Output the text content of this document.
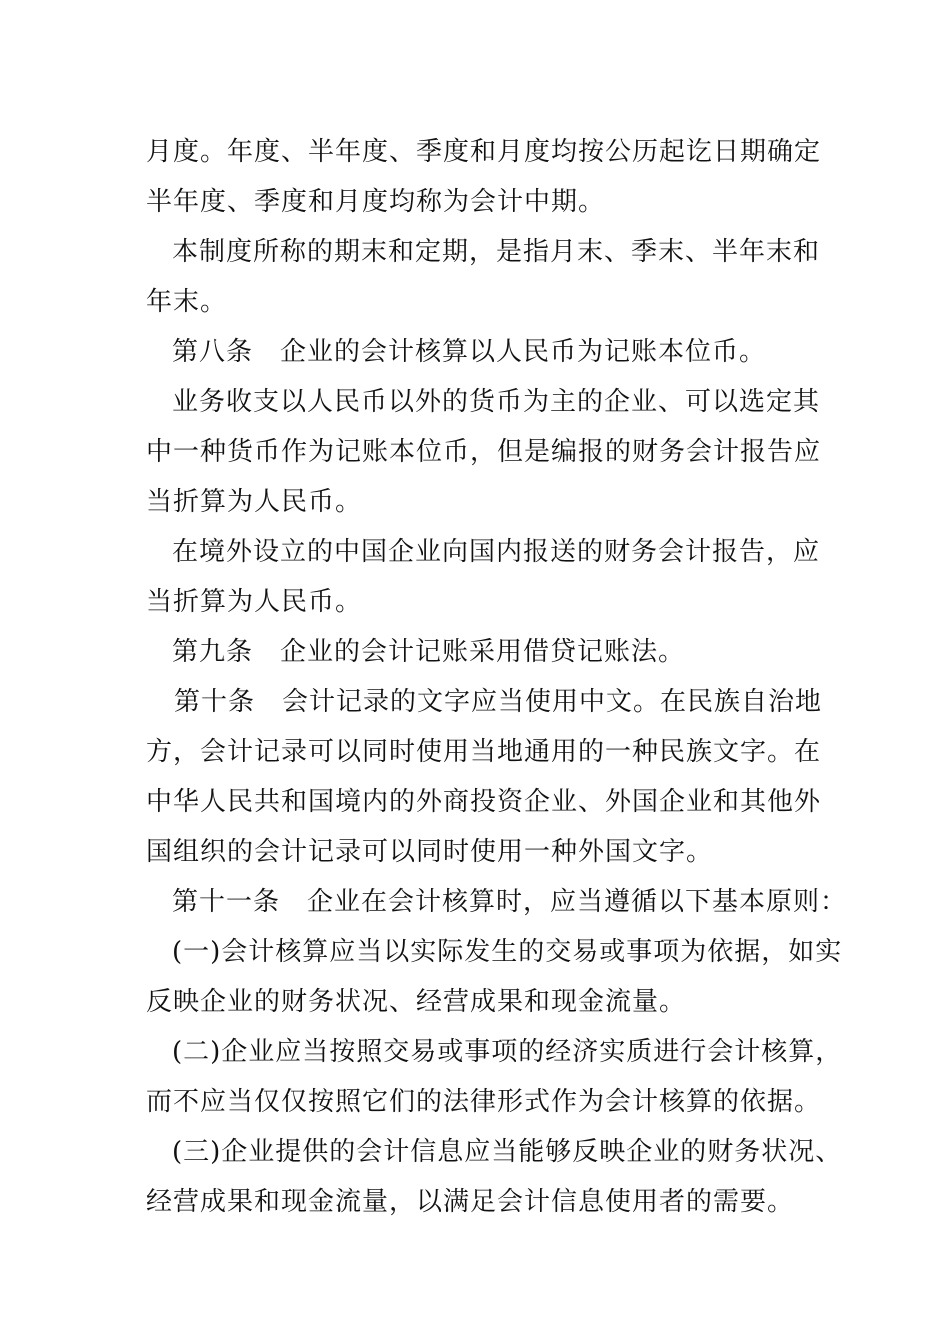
月度。年度、半年度、季度和月度均按公历起讫日期确定
半年度、季度和月度均称为会计中期。
本制度所称的期末和定期，是指月末、季末、半年末和
年末。
第八条　企业的会计核算以人民币为记账本位币。
业务收支以人民币以外的货币为主的企业、可以选定其
中一种货币作为记账本位币，但是编报的财务会计报告应
当折算为人民币。
在境外设立的中国企业向国内报送的财务会计报告，应
当折算为人民币。
第九条　企业的会计记账采用借贷记账法。
第十条　会计记录的文字应当使用中文。在民族自治地
方，会计记录可以同时使用当地通用的一种民族文字。在
中华人民共和国境内的外商投资企业、外国企业和其他外
国组织的会计记录可以同时使用一种外国文字。
第十一条　企业在会计核算时，应当遵循以下基本原则：
(一)会计核算应当以实际发生的交易或事项为依据，如实
反映企业的财务状况、经营成果和现金流量。
(二)企业应当按照交易或事项的经济实质进行会计核算，
而不应当仅仅按照它们的法律形式作为会计核算的依据。
(三)企业提供的会计信息应当能够反映企业的财务状况、
经营成果和现金流量，以满足会计信息使用者的需要。
